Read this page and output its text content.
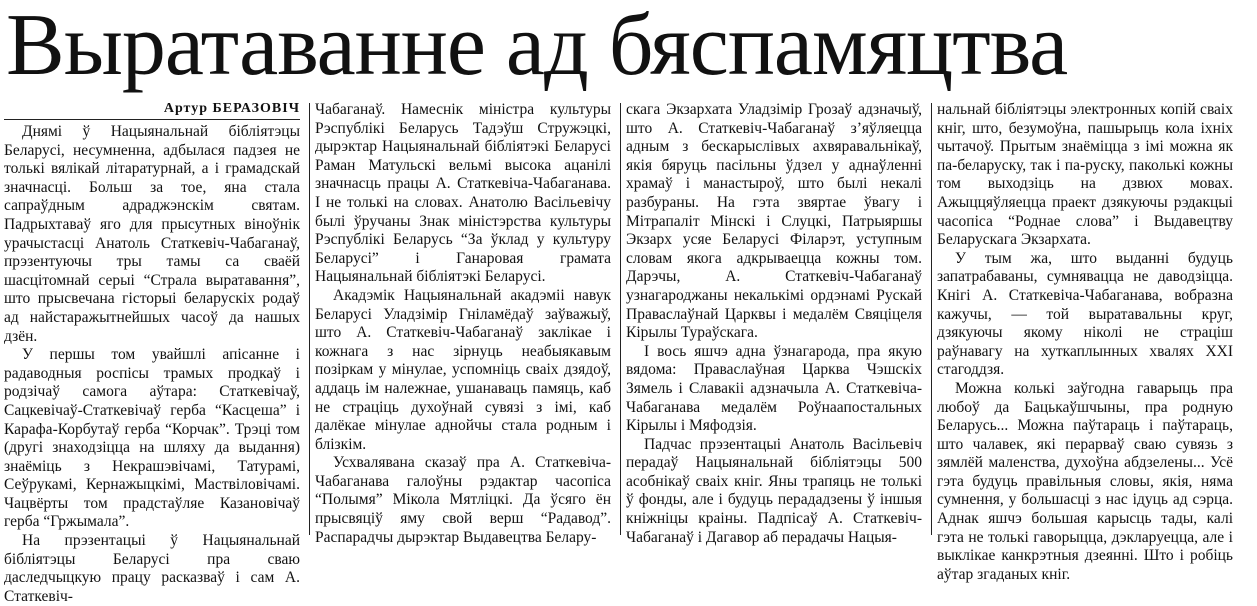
Выратаванне ад бяспамяцтва
Артур БЕРАЗОВІЧ

Днямі ў Нацыянальнай бібліятэцы Беларусі, несумненна, адбылася падзея не толькі вялікай літаратурнай, а і грамадскай значнасці. Больш за тое, яна стала сапраўдным адраджэнскім святам. Падрыхтаваў яго для прысутных віноўнік урачыстасці Анатоль Статкевіч-Чабаганаў, прэзентуючы тры тамы са сваёй шасцітомнай серыі “Страла выратавання”, што прысвечана гісторыі беларускіх родаў ад найстаражытнейшых часоў да нашых дзён.

У першы том увайшлі апісанне і радаводныя роспісы трамых продкаў і родзічаў самога аўтара: Статкевічаў, Сацкевічаў-Статкевічаў герба “Касцеша” і Карафа-Корбутаў герба “Корчак”. Трэці том (другі знаходзіцца на шляху да выдання) знаёміць з Некрашэвічамі, Татурамі, Сеўрукамі, Кернажыцкімі, Маствіловічамі. Чацвёрты том прадстаўляе Казановічаў герба “Гржымала”.

На прэзентацыі ў Нацыянальнай бібліятэцы Беларусі пра сваю даследчыцкую працу расказваў і сам А. Статкевіч-

Чабаганаў. Намеснік міністра культуры Рэспублікі Беларусь Тадэўш Стружэцкі, дырэктар Нацыянальнай бібліятэкі Беларусі Раман Матульскі вельмі высока ацанілі значнасць працы А. Статкевіча-Чабаганава. І не толькі на словах. Анатолю Васільевічу былі ўручаны Знак міністэрства культуры Рэспублікі Беларусь “За ўклад у культуру Беларусі” і Ганаровая грамата Нацыянальнай бібліятэкі Беларусі.

Акадэмік Нацыянальнай акадэміі навук Беларусі Уладзімір Гніламёдаў заўважыў, што А. Статкевіч-Чабаганаў заклікае і кожнага з нас зірнуць неабыякавым позіркам у мінулае, успомніць сваіх дзядоў, аддаць ім належнае, ушанаваць памяць, каб не страціць духоўнай сувязі з імі, каб далёкае мінулае аднойчы стала родным і блізкім.

Усхвалявана сказаў пра А. Статкевіча-Чабаганава галоўны рэдактар часопіса “Полымя” Мікола Мятліцкі. Да ўсяго ён прысвяціў яму свой верш “Радавод”. Распарадчы дырэктар Выдавецтва Белару-

скага Экзархата Уладзімір Грозаў адзначыў, што А. Статкевіч-Чабаганаў з’яўляецца адным з бескарыслівых ахвяравальнікаў, якія бяруць пасільны ўдзел у аднаўленні храмаў і манастыроў, што былі некалі разбураны. На гэта звяртае ўвагу і Мітрапаліт Мінскі і Слуцкі, Патрыяршы Экзарх усяе Беларусі Філарэт, уступным словам якога адкрываецца кожны том. Дарэчы, А. Статкевіч-Чабаганаў узнагароджаны некалькімі ордэнамі Рускай Праваслаўнай Царквы і медалём Свяціцеля Кірылы Тураўскага.

І вось яшчэ адна ўзнагарода, пра якую вядома: Праваслаўная Царква Чэшскіх Зямель і Славакіі адзначыла А. Статкевіча-Чабаганава медалём Роўнаапостальных Кірылы і Мяфодзія.

Падчас прэзентацыі Анатоль Васільевіч перадаў Нацыянальнай бібліятэцы 500 асобнікаў сваіх кніг. Яны трапяць не толькі ў фонды, але і будуць перададзены ў іншыя кніжніцы краіны. Падпісаў А. Статкевіч-Чабаганаў і Дагавор аб перадачы Нацыя-

нальнай бібліятэцы электронных копій сваіх кніг, што, безумоўна, пашырыць кола іхніх чытачоў. Прытым знаёміцца з імі можна як па-беларуску, так і па-руску, паколькі кожны том выходзіць на дзвюх мовах. Ажыццяўляецца праект дзякуючы рэдакцыі часопіса “Роднае слова” і Выдавецтву Беларускага Экзархата.

У тым жа, што выданні будуць запатрабаваны, сумнявацца не даводзіцца. Кнігі А. Статкевіча-Чабаганава, вобразна кажучы, — той выратавальны круг, дзякуючы якому ніколі не страціш раўнавагу на хуткаплынных хвалях ХХІ стагоддзя.

Можна колькі заўгодна гаварыць пра любоў да Бацькаўшчыны, пра родную Беларусь... Можна паўтараць і паўтараць, што чалавек, які перарваў сваю сувязь з зямлёй маленства, духоўна абдзелены... Усё гэта будуць правільныя словы, якія, няма сумнення, у большасці з нас ідуць ад сэрца. Аднак яшчэ большая карысць тады, калі гэта не толькі гаворыцца, дэкларуецца, але і выклікае канкрэтныя дзеянні. Што і робіць аўтар згаданых кніг.
